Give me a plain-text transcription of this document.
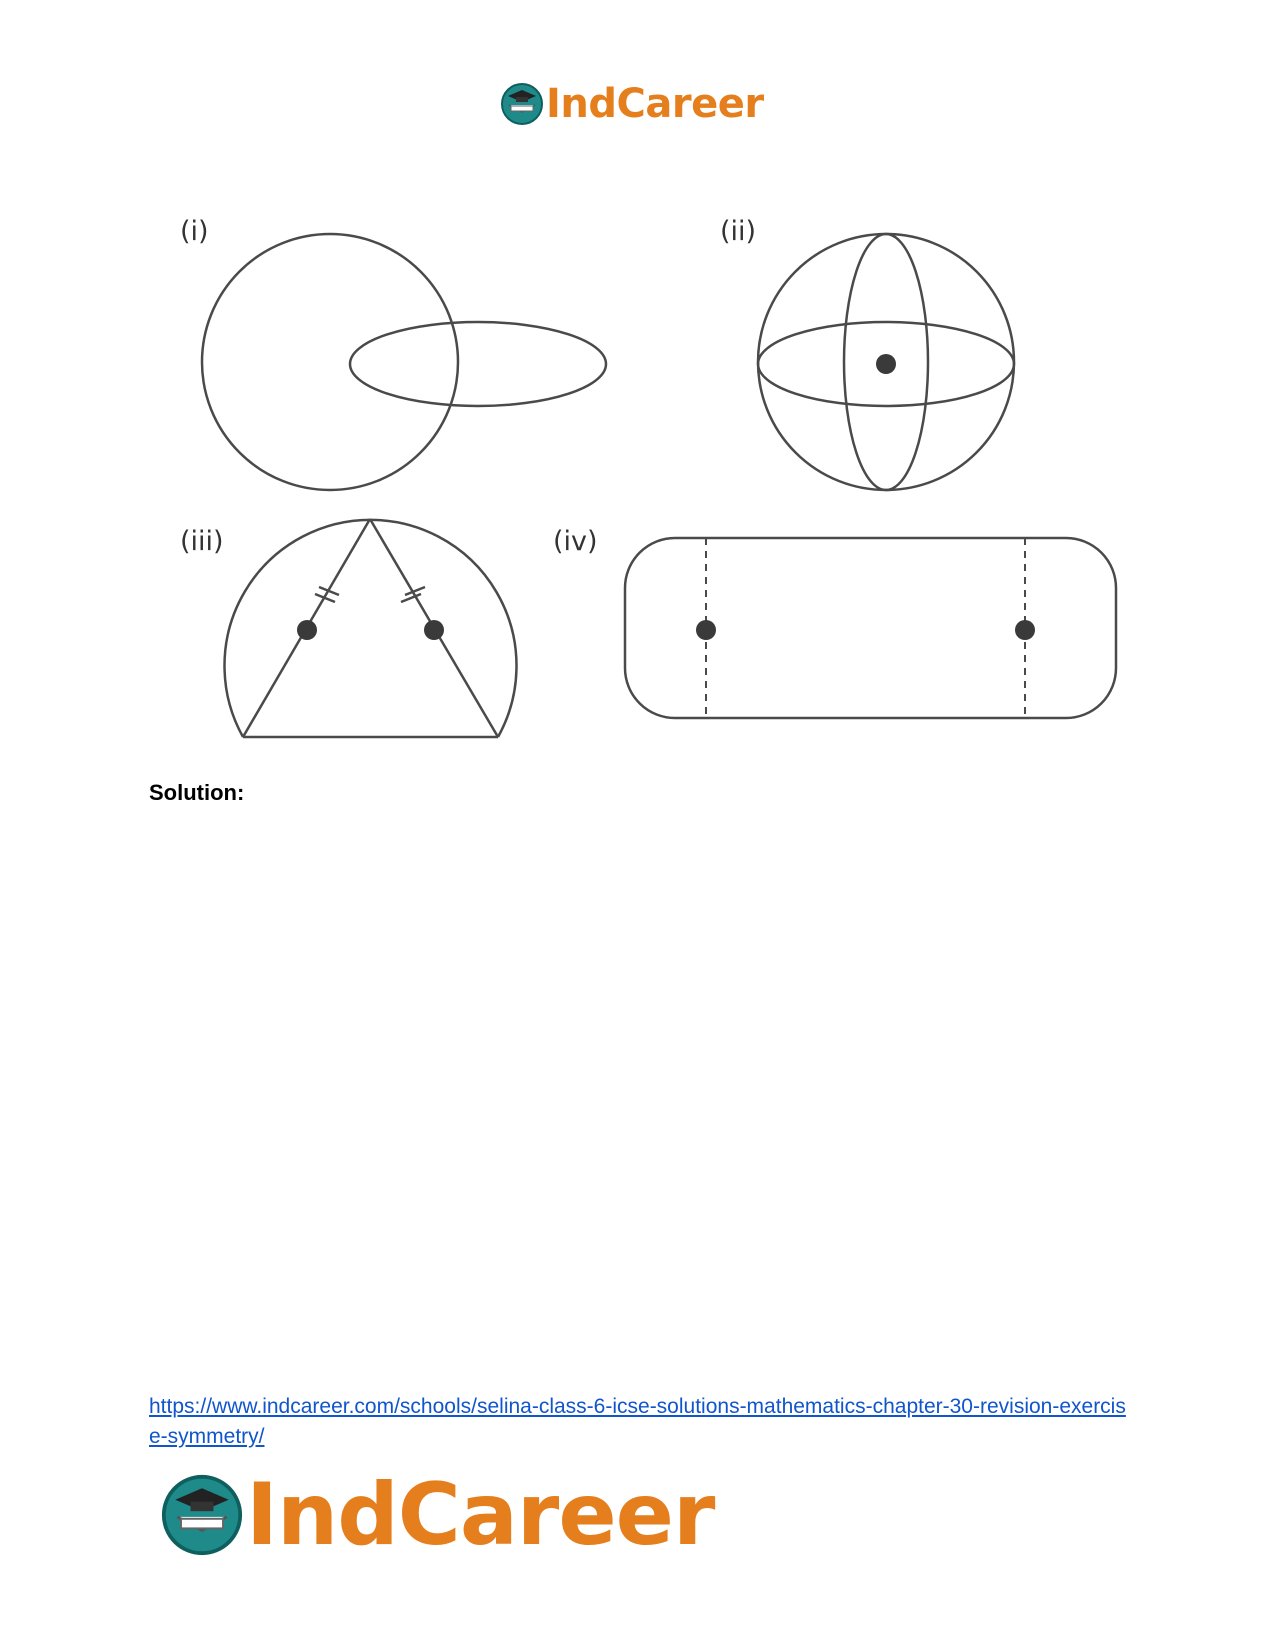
IndCareer
(i)	(ii)
(iii)	(iv)
Solution:
https://www.indcareer.com/schools/selina-class-6-icse-solutions-mathematics-chapter-30-revision-exercise-symmetry/
IndCareer
